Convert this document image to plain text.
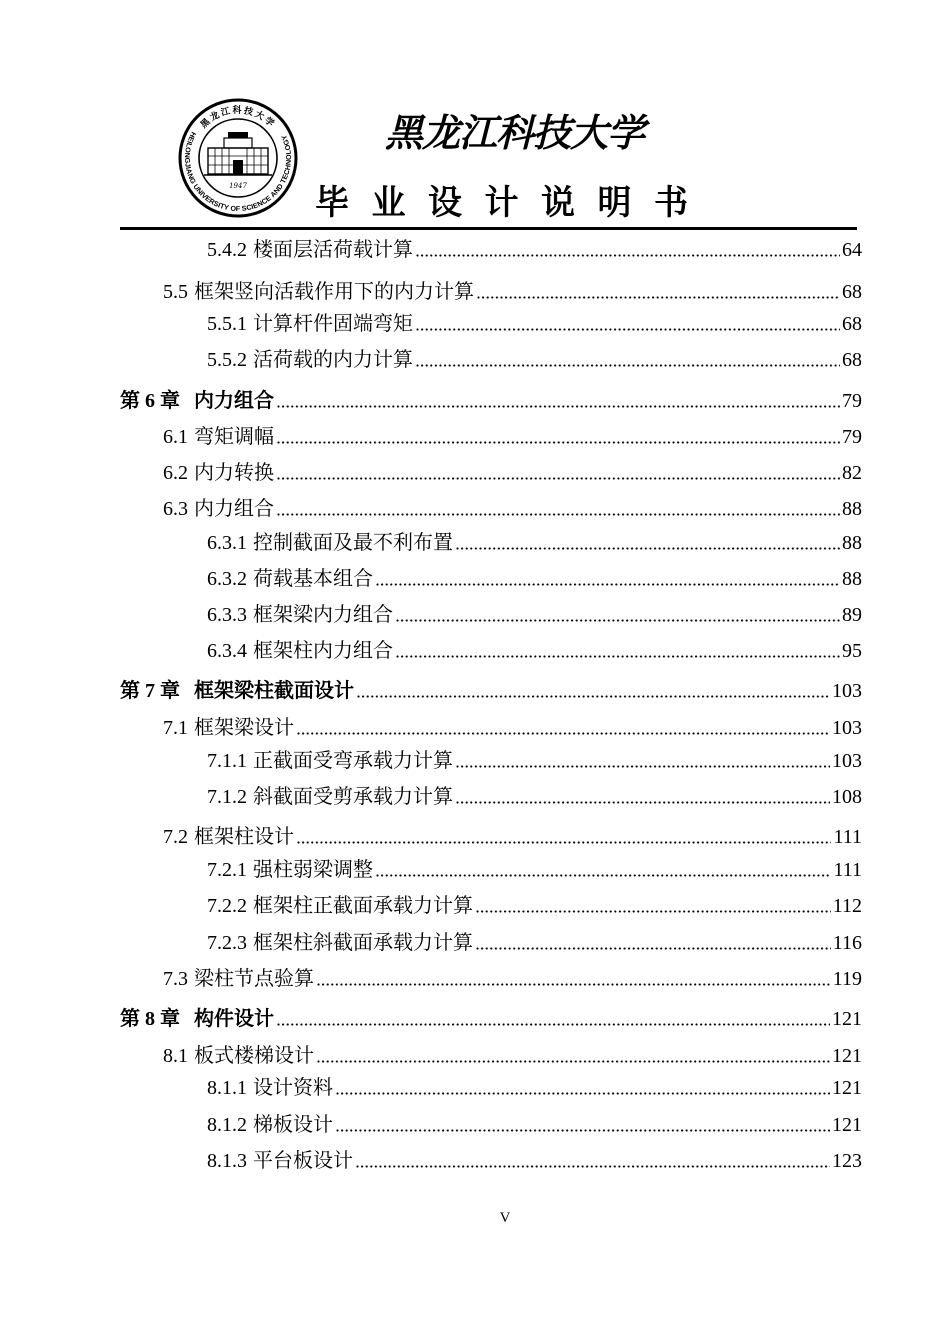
黑龙江科技大学
HEILONGJIANG UNIVERSITY OF SCIENCE AND TECHNOLOGY
1947
黑龙江科技大学
毕 业 设 计 说 明 书
5.4.2 楼面层活荷载计算	64
5.5 框架竖向活载作用下的内力计算	68
5.5.1 计算杆件固端弯矩	68
5.5.2 活荷载的内力计算	68
第 6 章 内力组合	79
6.1 弯矩调幅	79
6.2 内力转换	82
6.3 内力组合	88
6.3.1 控制截面及最不利布置	88
6.3.2 荷载基本组合	88
6.3.3 框架梁内力组合	89
6.3.4 框架柱内力组合	95
第 7 章 框架梁柱截面设计	103
7.1 框架梁设计	103
7.1.1 正截面受弯承载力计算	103
7.1.2 斜截面受剪承载力计算	108
7.2 框架柱设计	111
7.2.1 强柱弱梁调整	111
7.2.2 框架柱正截面承载力计算	112
7.2.3 框架柱斜截面承载力计算	116
7.3 梁柱节点验算	119
第 8 章 构件设计	121
8.1 板式楼梯设计	121
8.1.1 设计资料	121
8.1.2 梯板设计	121
8.1.3 平台板设计	123
V
